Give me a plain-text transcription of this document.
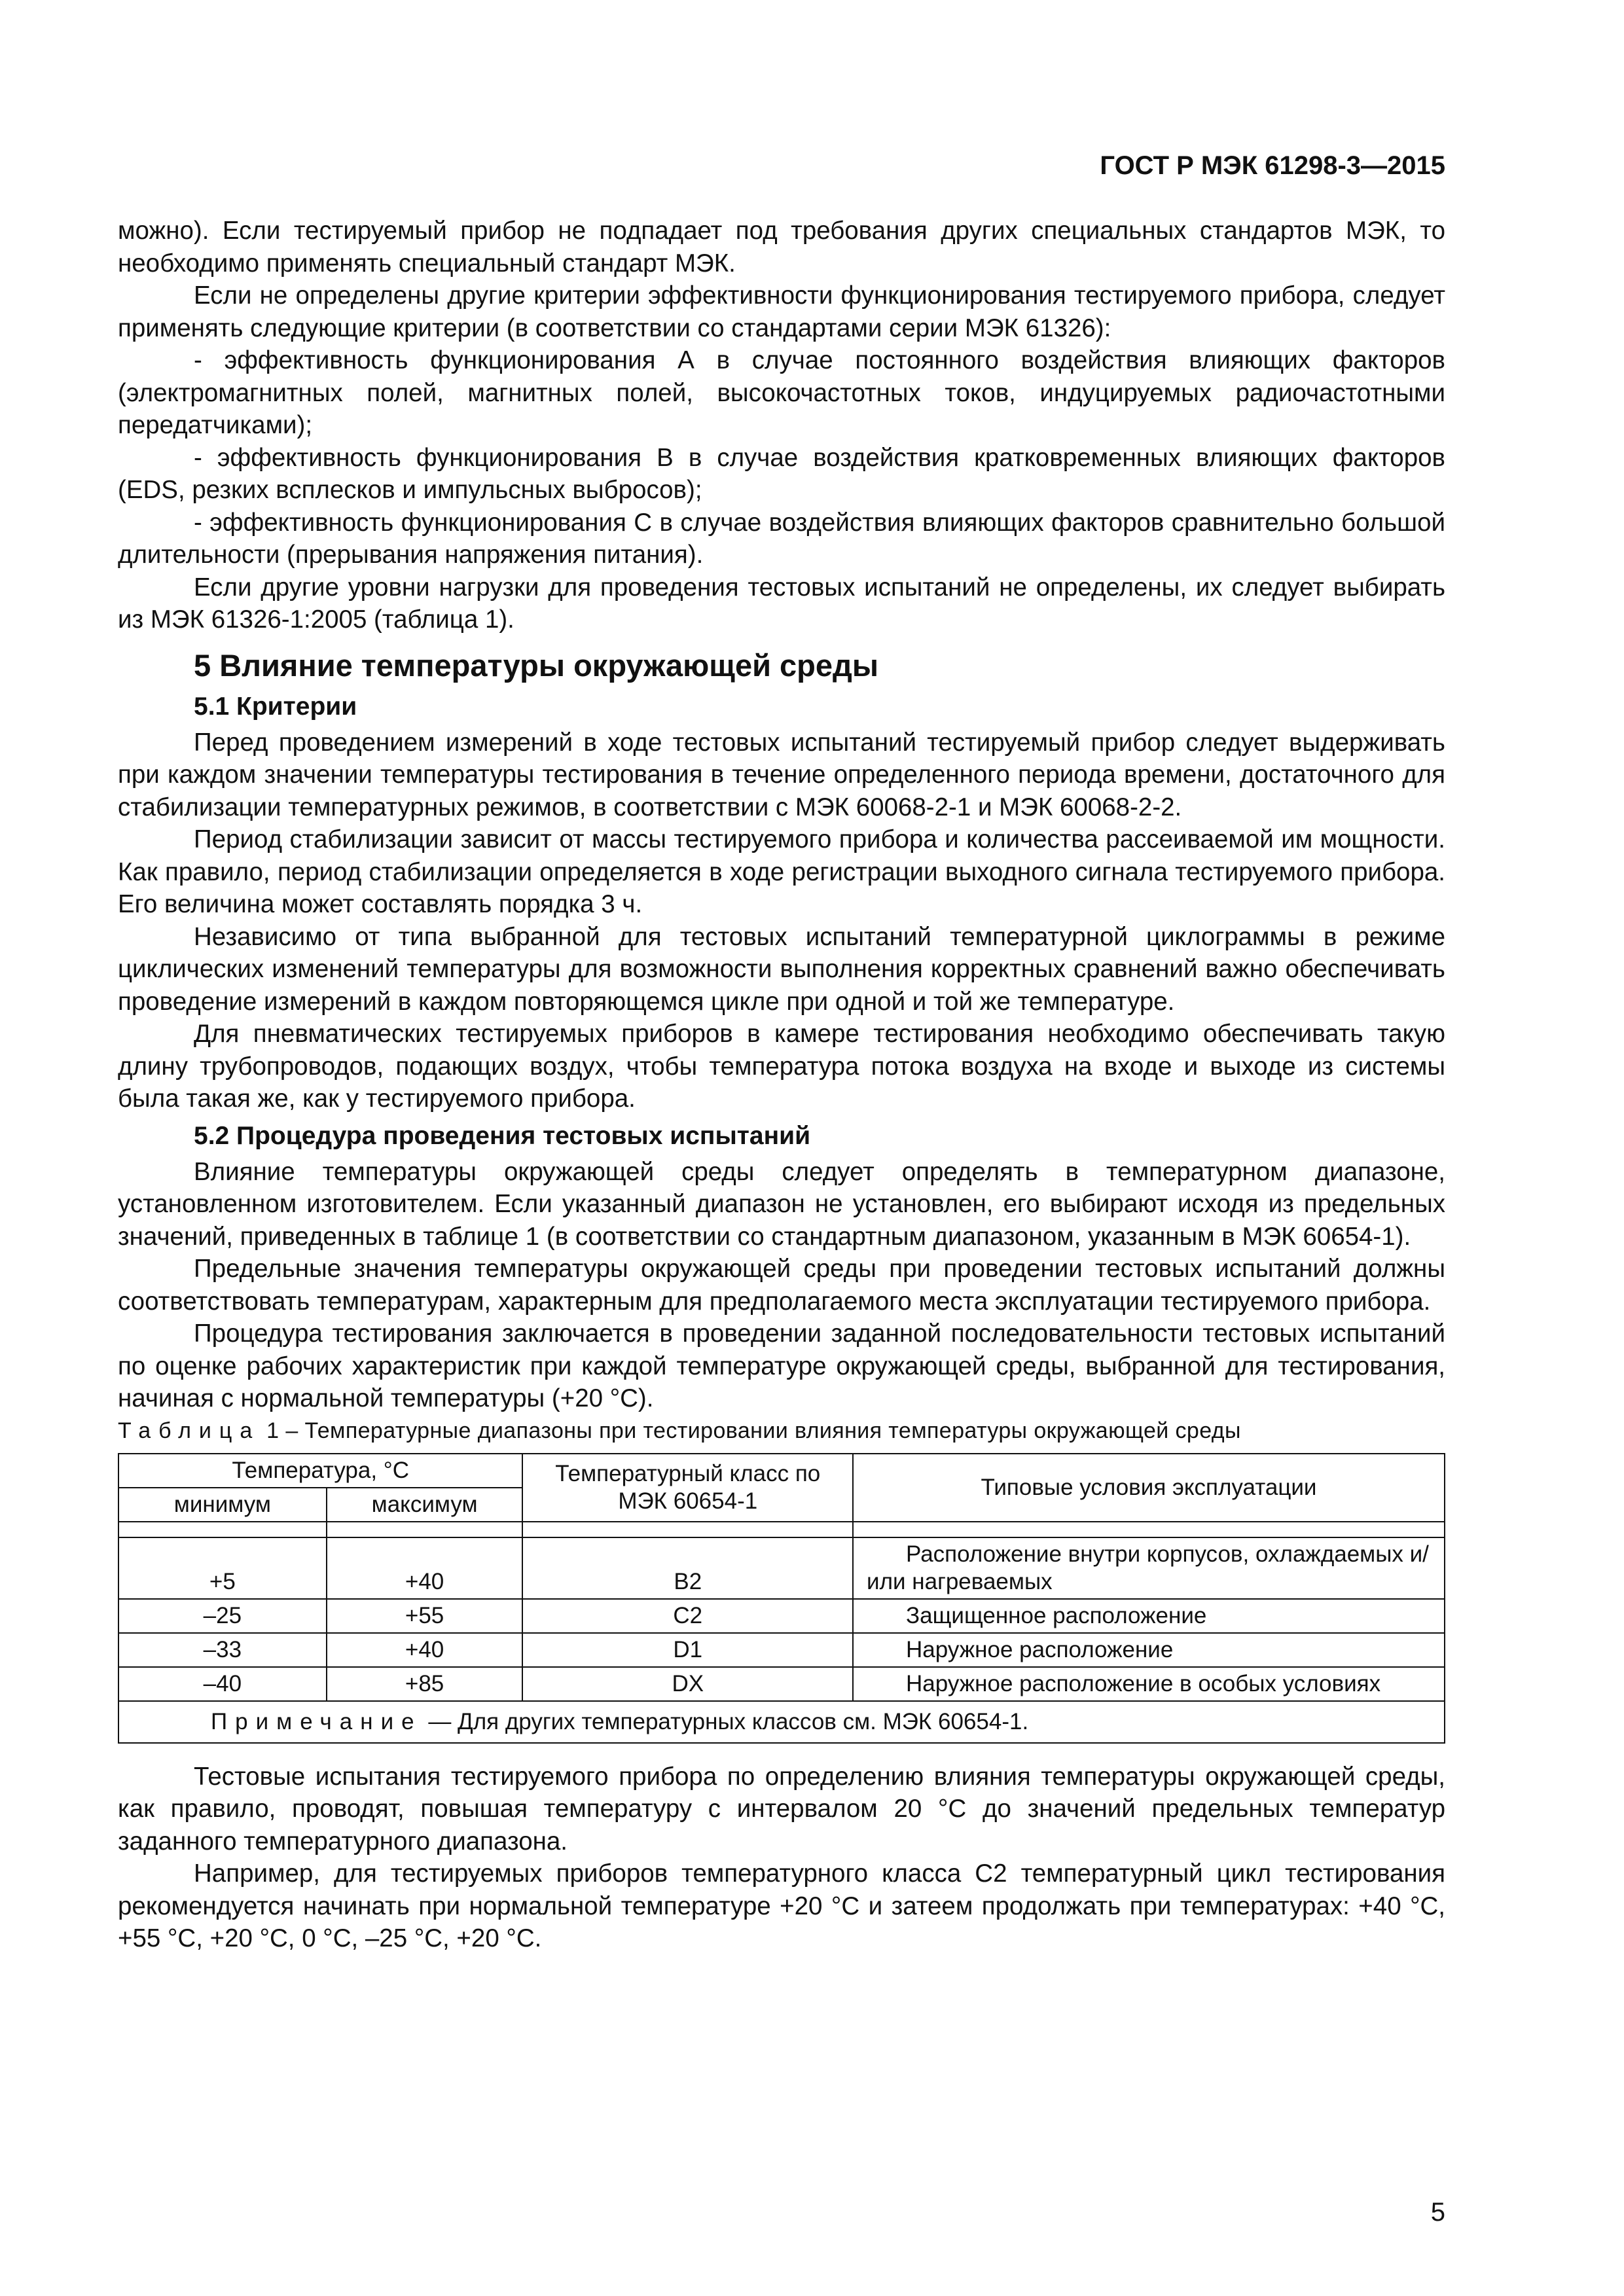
ГОСТ Р МЭК 61298-3—2015

можно). Если тестируемый прибор не подпадает под требования других специальных стандартов МЭК, то необходимо применять специальный стандарт МЭК.

Если не определены другие критерии эффективности функционирования тестируемого прибора, следует применять следующие критерии (в соответствии со стандартами серии МЭК 61326):

- эффективность функционирования А в случае постоянного воздействия влияющих факторов (электромагнитных полей, магнитных полей, высокочастотных токов, индуцируемых радиочастотными передатчиками);

- эффективность функционирования В в случае воздействия кратковременных влияющих факторов (EDS, резких всплесков и импульсных выбросов);

- эффективность функционирования С в случае воздействия влияющих факторов сравнительно большой длительности (прерывания напряжения питания).

Если другие уровни нагрузки для проведения тестовых испытаний не определены, их следует выбирать из МЭК 61326-1:2005 (таблица 1).

5 Влияние температуры окружающей среды
5.1 Критерии

Перед проведением измерений в ходе тестовых испытаний тестируемый прибор следует выдерживать при каждом значении температуры тестирования в течение определенного периода времени, достаточного для стабилизации температурных режимов, в соответствии с МЭК 60068-2-1 и МЭК 60068-2-2.

Период стабилизации зависит от массы тестируемого прибора и количества рассеиваемой им мощности. Как правило, период стабилизации определяется в ходе регистрации выходного сигнала тестируемого прибора. Его величина может составлять порядка 3 ч.

Независимо от типа выбранной для тестовых испытаний температурной циклограммы в режиме циклических изменений температуры для возможности выполнения корректных сравнений важно обеспечивать проведение измерений в каждом повторяющемся цикле при одной и той же температуре.

Для пневматических тестируемых приборов в камере тестирования необходимо обеспечивать такую длину трубопроводов, подающих воздух, чтобы температура потока воздуха на входе и выходе из системы была такая же, как у тестируемого прибора.

5.2 Процедура проведения тестовых испытаний

Влияние температуры окружающей среды следует определять в температурном диапазоне, установленном изготовителем. Если указанный диапазон не установлен, его выбирают исходя из предельных значений, приведенных в таблице 1 (в соответствии со стандартным диапазоном, указанным в МЭК 60654-1).

Предельные значения температуры окружающей среды при проведении тестовых испытаний должны соответствовать температурам, характерным для предполагаемого места эксплуатации тестируемого прибора.

Процедура тестирования заключается в проведении заданной последовательности тестовых испытаний по оценке рабочих характеристик при каждой температуре окружающей среды, выбранной для тестирования, начиная с нормальной температуры (+20 °С).

Таблица 1 – Температурные диапазоны при тестировании влияния температуры окружающей среды

Температура, °С		Температурный класс по МЭК 60654-1	Типовые условия эксплуатации
минимум	максимум		

+5	+40	B2	Расположение внутри корпусов, охлаждаемых и/или нагреваемых
–25	+55	C2	Защищенное расположение
–33	+40	D1	Наружное расположение
–40	+85	DX	Наружное расположение в особых условиях
Примечание — Для других температурных классов см. МЭК 60654-1.			

Тестовые испытания тестируемого прибора по определению влияния температуры окружающей среды, как правило, проводят, повышая температуру с интервалом 20 °С до значений предельных температур заданного температурного диапазона.

Например, для тестируемых приборов температурного класса С2 температурный цикл тестирования рекомендуется начинать при нормальной температуре +20 °С и затеем продолжать при температурах: +40 °С, +55 °С, +20 °С, 0 °С, –25 °С, +20 °С.

5
